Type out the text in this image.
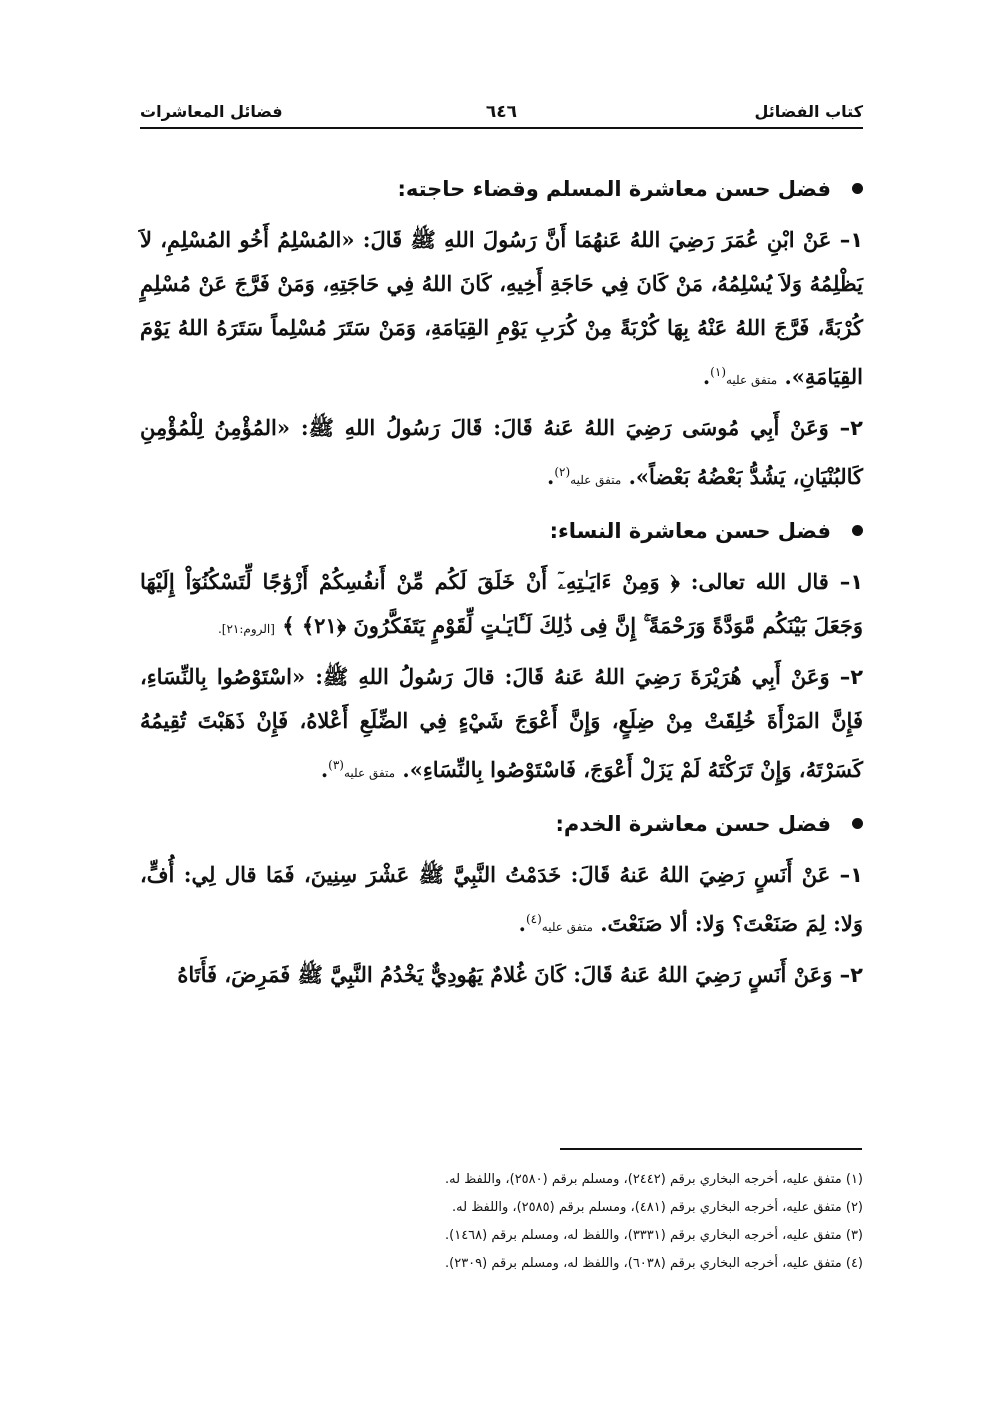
كتاب الفضائل
٦٤٦
فضائل المعاشرات
فضل حسن معاشرة المسلم وقضاء حاجته:

١– عَنْ ابْنِ عُمَرَ رَضِيَ اللهُ عَنهُمَا أَنَّ رَسُولَ اللهِ ﷺ قَالَ: «المُسْلِمُ أَخُو المُسْلِمِ، لاَ يَظْلِمُهُ وَلاَ يُسْلِمُهُ، مَنْ كَانَ فِي حَاجَةِ أَخِيهِ، كَانَ اللهُ فِي حَاجَتِهِ، وَمَنْ فَرَّجَ عَنْ مُسْلِمٍ كُرْبَةً، فَرَّجَ اللهُ عَنْهُ بِهَا كُرْبَةً مِنْ كُرَبِ يَوْمِ القِيَامَةِ، وَمَنْ سَتَرَ مُسْلِماً سَتَرَهُ اللهُ يَوْمَ القِيَامَةِ». متفق عليه$^{(١)}$.

٢– وَعَنْ أَبِي مُوسَى رَضِيَ اللهُ عَنهُ قَالَ: قَالَ رَسُولُ اللهِ ﷺ: «المُؤْمِنُ لِلْمُؤْمِنِ كَالبُنْيَانِ، يَشُدُّ بَعْضُهُ بَعْضاً». متفق عليه$^{(٢)}$.

فضل حسن معاشرة النساء:

١– قال الله تعالى: ﴿ وَمِنْ ءَايَـٰتِهِۦٓ أَنْ خَلَقَ لَكُم مِّنْ أَنفُسِكُمْ أَزْوَٰجًا لِّتَسْكُنُوٓاْ إِلَيْهَا وَجَعَلَ بَيْنَكُم مَّوَدَّةً وَرَحْمَةً ۚ إِنَّ فِى ذَٰلِكَ لَـَٔايَـٰتٍ لِّقَوْمٍ يَتَفَكَّرُونَ ﴿٢١﴾ ﴾ [الروم:٢١].

٢– وَعَنْ أَبِي هُرَيْرَةَ رَضِيَ اللهُ عَنهُ قَالَ: قالَ رَسُولُ اللهِ ﷺ: «اسْتَوْصُوا بِالنِّسَاءِ، فَإِنَّ المَرْأَةَ خُلِقَتْ مِنْ ضِلَعٍ، وَإِنَّ أَعْوَجَ شَيْءٍ فِي الضِّلَعِ أَعْلاهُ، فَإِنْ ذَهَبْتَ تُقِيمُهُ كَسَرْتَهُ، وَإِنْ تَرَكْتَهُ لَمْ يَزَلْ أَعْوَجَ، فَاسْتَوْصُوا بِالنِّسَاءِ». متفق عليه$^{(٣)}$.

فضل حسن معاشرة الخدم:

١– عَنْ أَنَسٍ رَضِيَ اللهُ عَنهُ قَالَ: خَدَمْتُ النَّبِيَّ ﷺ عَشْرَ سِنِينَ، فَمَا قال لِي: أُفٍّ، وَلا: لِمَ صَنَعْتَ؟ وَلا: ألا صَنَعْتَ. متفق عليه$^{(٤)}$.

٢– وَعَنْ أَنَسٍ رَضِيَ اللهُ عَنهُ قَالَ: كَانَ غُلامٌ يَهُودِيٌّ يَخْدُمُ النَّبِيَّ ﷺ فَمَرِضَ، فَأَتَاهُ

(١) متفق عليه، أخرجه البخاري برقم (٢٤٤٢)، ومسلم برقم (٢٥٨٠)، واللفظ له.

(٢) متفق عليه، أخرجه البخاري برقم (٤٨١)، ومسلم برقم (٢٥٨٥)، واللفظ له.

(٣) متفق عليه، أخرجه البخاري برقم (٣٣٣١)، واللفظ له، ومسلم برقم (١٤٦٨).

(٤) متفق عليه، أخرجه البخاري برقم (٦٠٣٨)، واللفظ له، ومسلم برقم (٢٣٠٩).
